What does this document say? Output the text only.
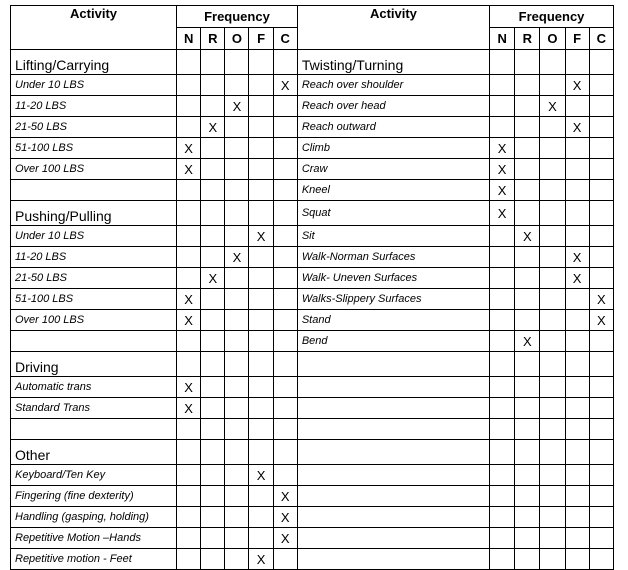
Activity	Frequency					Activity	Frequency				
	N	R	O	F	C		N	R	O	F	C
Lifting/Carrying						Twisting/Turning					
Under 10 LBS					X	Reach over shoulder				X	
11-20 LBS			X			Reach over head			X		
21-50 LBS		X				Reach outward				X	
51-100 LBS	X					Climb	X				
Over 100 LBS	X					Craw	X				
						Kneel	X				
Pushing/Pulling						Squat	X				
Under 10 LBS				X		Sit		X			
11-20 LBS			X			Walk-Norman Surfaces				X	
21-50 LBS		X				Walk- Uneven Surfaces				X	
51-100 LBS	X					Walks-Slippery Surfaces					X
Over 100 LBS	X					Stand					X
						Bend		X			
Driving											
Automatic trans	X										
Standard Trans	X										

Other											
Keyboard/Ten Key				X							
Fingering (fine dexterity)					X						
Handling (gasping, holding)					X						
Repetitive Motion –Hands					X						
Repetitive motion - Feet				X							
